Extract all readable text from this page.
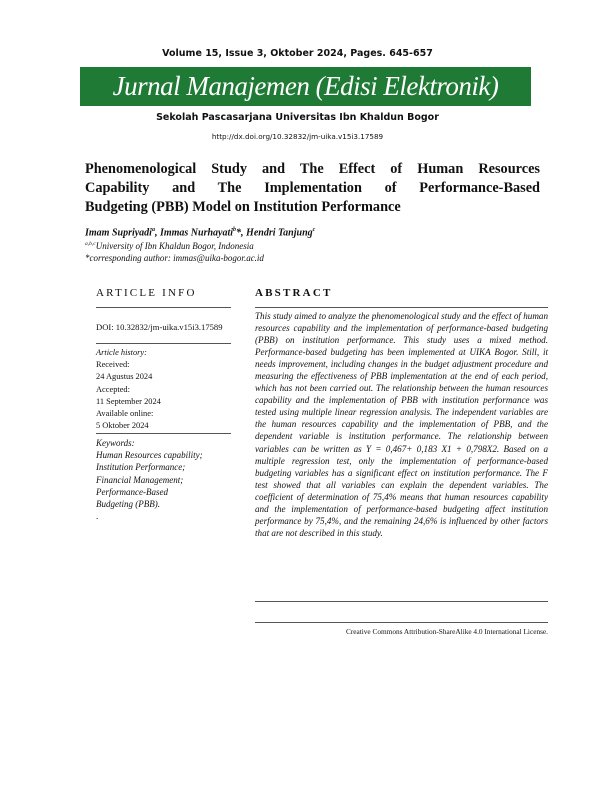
Volume 15, Issue 3, Oktober 2024, Pages. 645-657
Jurnal Manajemen (Edisi Elektronik)
Sekolah Pascasarjana Universitas Ibn Khaldun Bogor
http://dx.doi.org/10.32832/jm-uika.v15i3.17589
Phenomenological Study and The Effect of Human Resources
Capability and The Implementation of Performance-Based
Budgeting (PBB) Model on Institution Performance
Imam Supriyadi$^a$, Immas Nurhayati$^b$*, Hendri Tanjung$^c$
$^{a,b,c}$University of Ibn Khaldun Bogor, Indonesia
*corresponding author: immas@uika-bogor.ac.id
ARTICLE INFO	ABSTRACT
DOI: 10.32832/jm-uika.v15i3.17589
Article history:
Received:
24 Agustus 2024
Accepted:
11 September 2024
Available online:
5 Oktober 2024
Keywords:
Human Resources capability;
Institution Performance;
Financial Management;
Performance-Based
Budgeting (PBB).
.
This study aimed to analyze the phenomenological study and the effect of human resources capability and the implementation of performance-based budgeting (PBB) on institution performance. This study uses a mixed method. Performance-based budgeting has been implemented at UIKA Bogor. Still, it needs improvement, including changes in the budget adjustment procedure and measuring the effectiveness of PBB implementation at the end of each period, which has not been carried out. The relationship between the human resources capability and the implementation of PBB with institution performance was tested using multiple linear regression analysis. The independent variables are the human resources capability and the implementation of PBB, and the dependent variable is institution performance. The relationship between variables can be written as Y = 0,467+ 0,183 X1 + 0,798X2. Based on a multiple regression test, only the implementation of performance-based budgeting variables has a significant effect on institution performance. The F test showed that all variables can explain the dependent variables. The coefficient of determination of 75,4% means that human resources capability and the implementation of performance-based budgeting affect institution performance by 75,4%, and the remaining 24,6% is influenced by other factors that are not described in this study.
Creative Commons Attribution-ShareAlike 4.0 International License.
